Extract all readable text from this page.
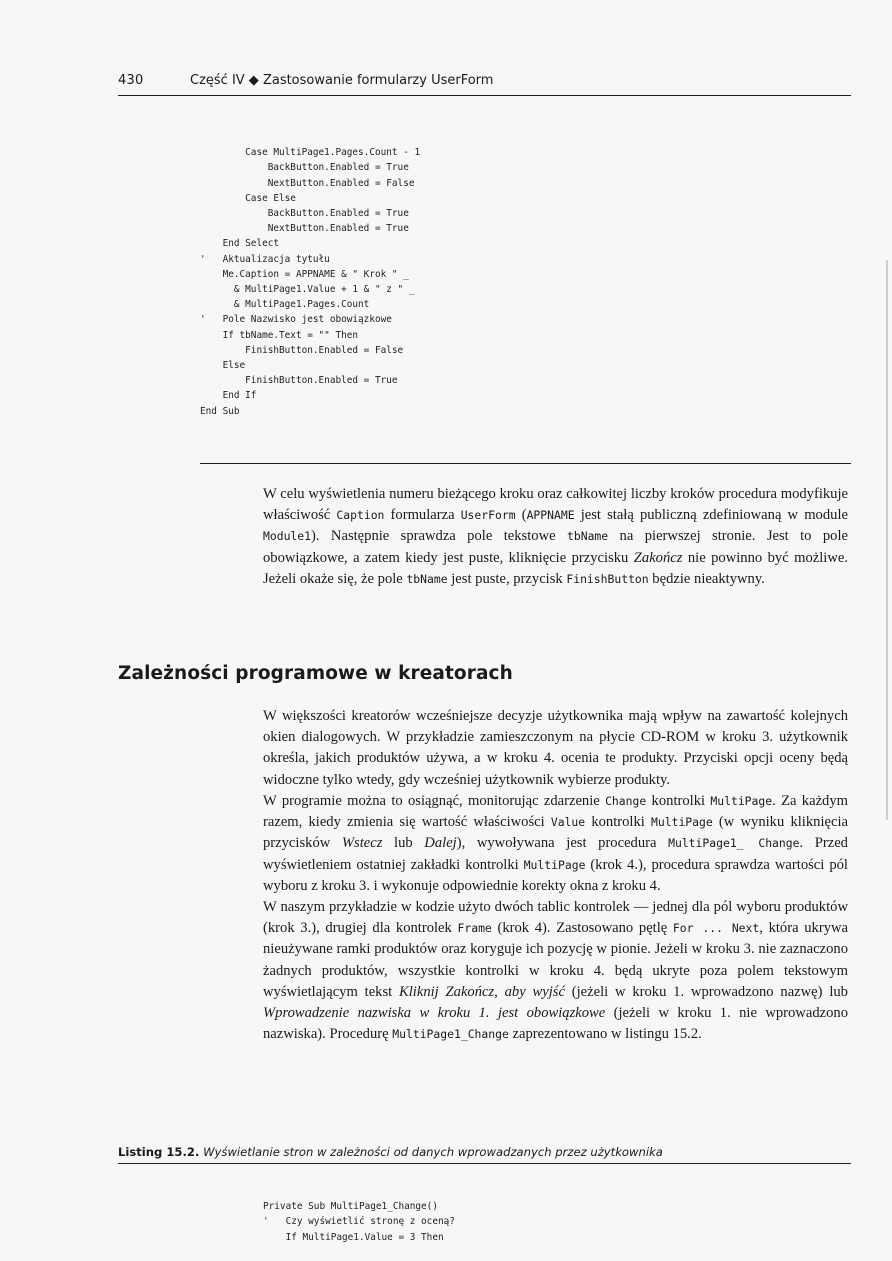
430	Część IV ◆ Zastosowanie formularzy UserForm

Case MultiPage1.Pages.Count - 1
BackButton.Enabled = True
NextButton.Enabled = False
Case Else
BackButton.Enabled = True
NextButton.Enabled = True
End Select
'   Aktualizacja tytułu
Me.Caption = APPNAME & " Krok " _
& MultiPage1.Value + 1 & " z " _
& MultiPage1.Pages.Count
'   Pole Nazwisko jest obowiązkowe
If tbName.Text = "" Then
FinishButton.Enabled = False
Else
FinishButton.Enabled = True
End If
End Sub

W celu wyświetlenia numeru bieżącego kroku oraz całkowitej liczby kroków procedura modyfikuje właściwość Caption formularza UserForm (APPNAME jest stałą publiczną zdefiniowaną w module Module1). Następnie sprawdza pole tekstowe tbName na pierwszej stronie. Jest to pole obowiązkowe, a zatem kiedy jest puste, kliknięcie przycisku Zakończ nie powinno być możliwe. Jeżeli okaże się, że pole tbName jest puste, przycisk FinishButton będzie nieaktywny.

Zależności programowe w kreatorach

W większości kreatorów wcześniejsze decyzje użytkownika mają wpływ na zawartość kolejnych okien dialogowych. W przykładzie zamieszczonym na płycie CD-ROM w kroku 3. użytkownik określa, jakich produktów używa, a w kroku 4. ocenia te produkty. Przyciski opcji oceny będą widoczne tylko wtedy, gdy wcześniej użytkownik wybierze produkty.

W programie można to osiągnąć, monitorując zdarzenie Change kontrolki MultiPage. Za każdym razem, kiedy zmienia się wartość właściwości Value kontrolki MultiPage (w wyniku kliknięcia przycisków Wstecz lub Dalej), wywoływana jest procedura MultiPage1_ Change. Przed wyświetleniem ostatniej zakładki kontrolki MultiPage (krok 4.), procedura sprawdza wartości pól wyboru z kroku 3. i wykonuje odpowiednie korekty okna z kroku 4.

W naszym przykładzie w kodzie użyto dwóch tablic kontrolek — jednej dla pól wyboru produktów (krok 3.), drugiej dla kontrolek Frame (krok 4). Zastosowano pętlę For ... Next, która ukrywa nieużywane ramki produktów oraz koryguje ich pozycję w pionie. Jeżeli w kroku 3. nie zaznaczono żadnych produktów, wszystkie kontrolki w kroku 4. będą ukryte poza polem tekstowym wyświetlającym tekst Kliknij Zakończ, aby wyjść (jeżeli w kroku 1. wprowadzono nazwę) lub Wprowadzenie nazwiska w kroku 1. jest obowiązkowe (jeżeli w kroku 1. nie wprowadzono nazwiska). Procedurę MultiPage1_Change zaprezentowano w listingu 15.2.

Listing 15.2. Wyświetlanie stron w zależności od danych wprowadzanych przez użytkownika

Private Sub MultiPage1_Change()
'   Czy wyświetlić stronę z oceną?
If MultiPage1.Value = 3 Then
